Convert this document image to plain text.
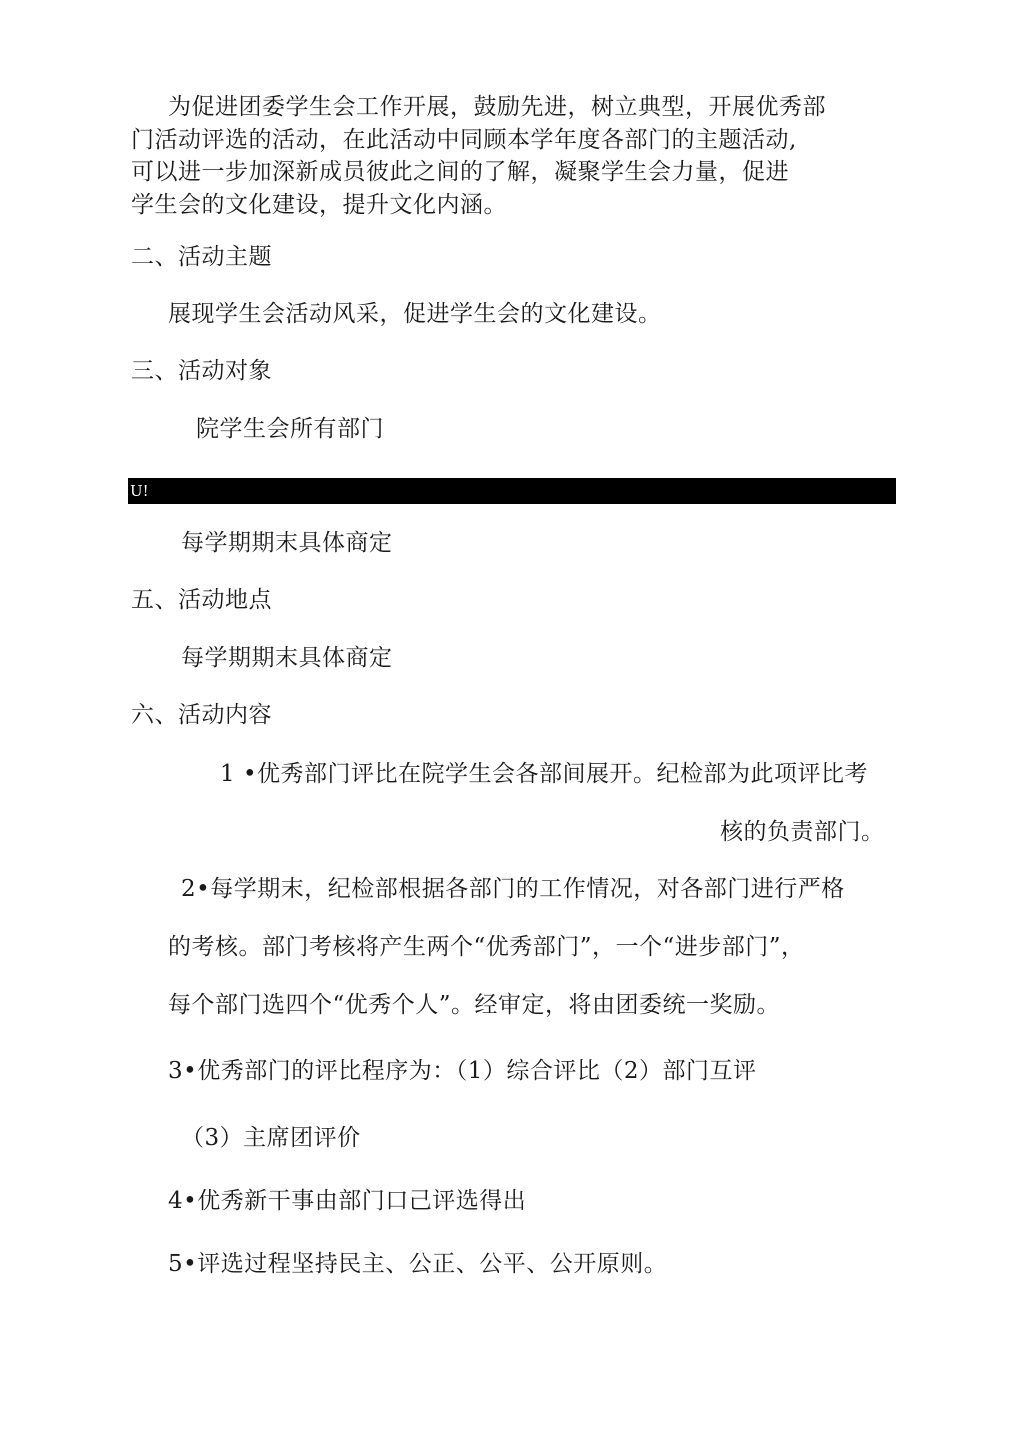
为促进团委学生会工作开展，鼓励先进，树立典型，开展优秀部
门活动评选的活动，在此活动中同顾本学年度各部门的主题活动,
可以进一步加深新成员彼此之间的了解，凝聚学生会力量，促进
学生会的文化建设，提升文化内涵。
二、活动主题
展现学生会活动风采，促进学生会的文化建设。
三、活动对象
院学生会所有部门
U!
每学期期末具体商定
五、活动地点
每学期期末具体商定
六、活动内容
1 •优秀部门评比在院学生会各部间展开。纪检部为此项评比考
核的负责部门。
2•每学期末，纪检部根据各部门的工作情况，对各部门进行严格
的考核。部门考核将产生两个“优秀部门”，一个“进步部门”，
每个部门选四个“优秀个人”。经审定，将由团委统一奖励。
3•优秀部门的评比程序为：（1）综合评比（2）部门互评
（3）主席团评价
4•优秀新干事由部门口己评选得出
5•评选过程坚持民主、公正、公平、公开原则。
